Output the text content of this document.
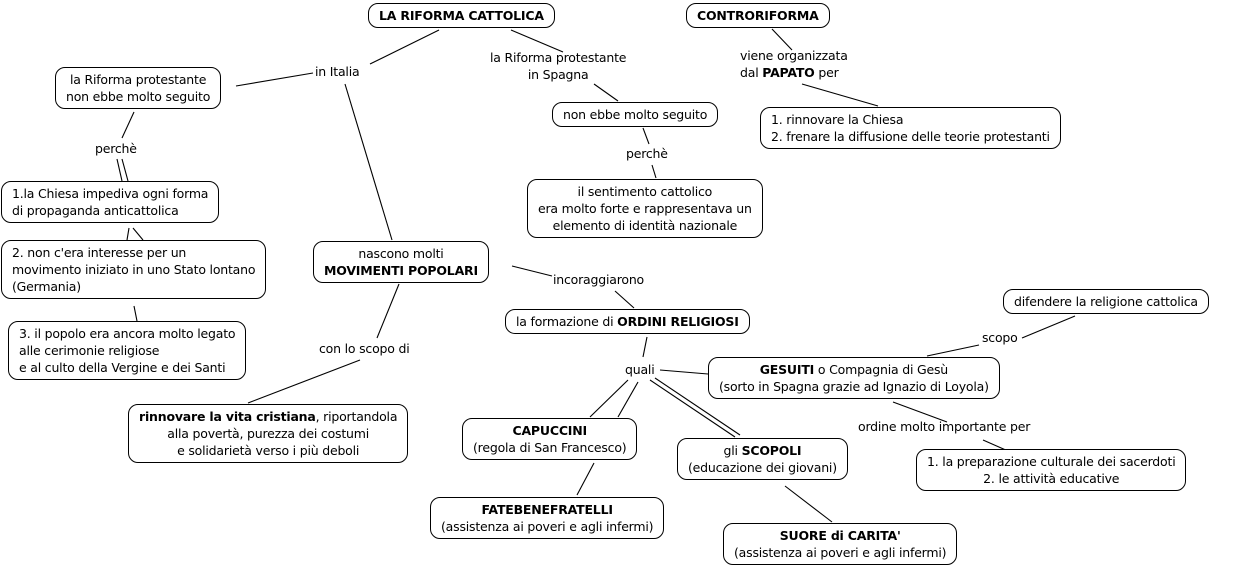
LA RIFORMA CATTOLICA	CONTRORIFORMA
la Riforma protestante
non ebbe molto seguito
1.la Chiesa impediva ogni forma
di propaganda anticattolica
2. non c'era interesse per un
movimento iniziato in uno Stato lontano
(Germania)
3. il popolo era ancora molto legato
alle cerimonie religiose
e al culto della Vergine e dei Santi
nascono molti
MOVIMENTI POPOLARI
non ebbe molto seguito
il sentimento cattolico
era molto forte e rappresentava un
elemento di identità nazionale
1. rinnovare la Chiesa
2. frenare la diffusione delle teorie protestanti
la formazione di ORDINI RELIGIOSI
difendere la religione cattolica
GESUITI o Compagnia di Gesù
(sorto in Spagna grazie ad Ignazio di Loyola)
rinnovare la vita cristiana, riportandola
alla povertà, purezza dei costumi
e solidarietà verso i più deboli
CAPUCCINI
(regola di San Francesco)	gli SCOPOLI
(educazione dei giovani)
FATEBENEFRATELLI
(assistenza ai poveri e agli infermi)
1. la preparazione culturale dei sacerdoti
2. le attività educative
SUORE di CARITA'
(assistenza ai poveri e agli infermi)
in Italia
la Riforma protestante
in Spagna
perchè	perchè
viene organizzata
dal PAPATO per
incoraggiarono
con lo scopo di
quali
scopo
ordine molto importante per
